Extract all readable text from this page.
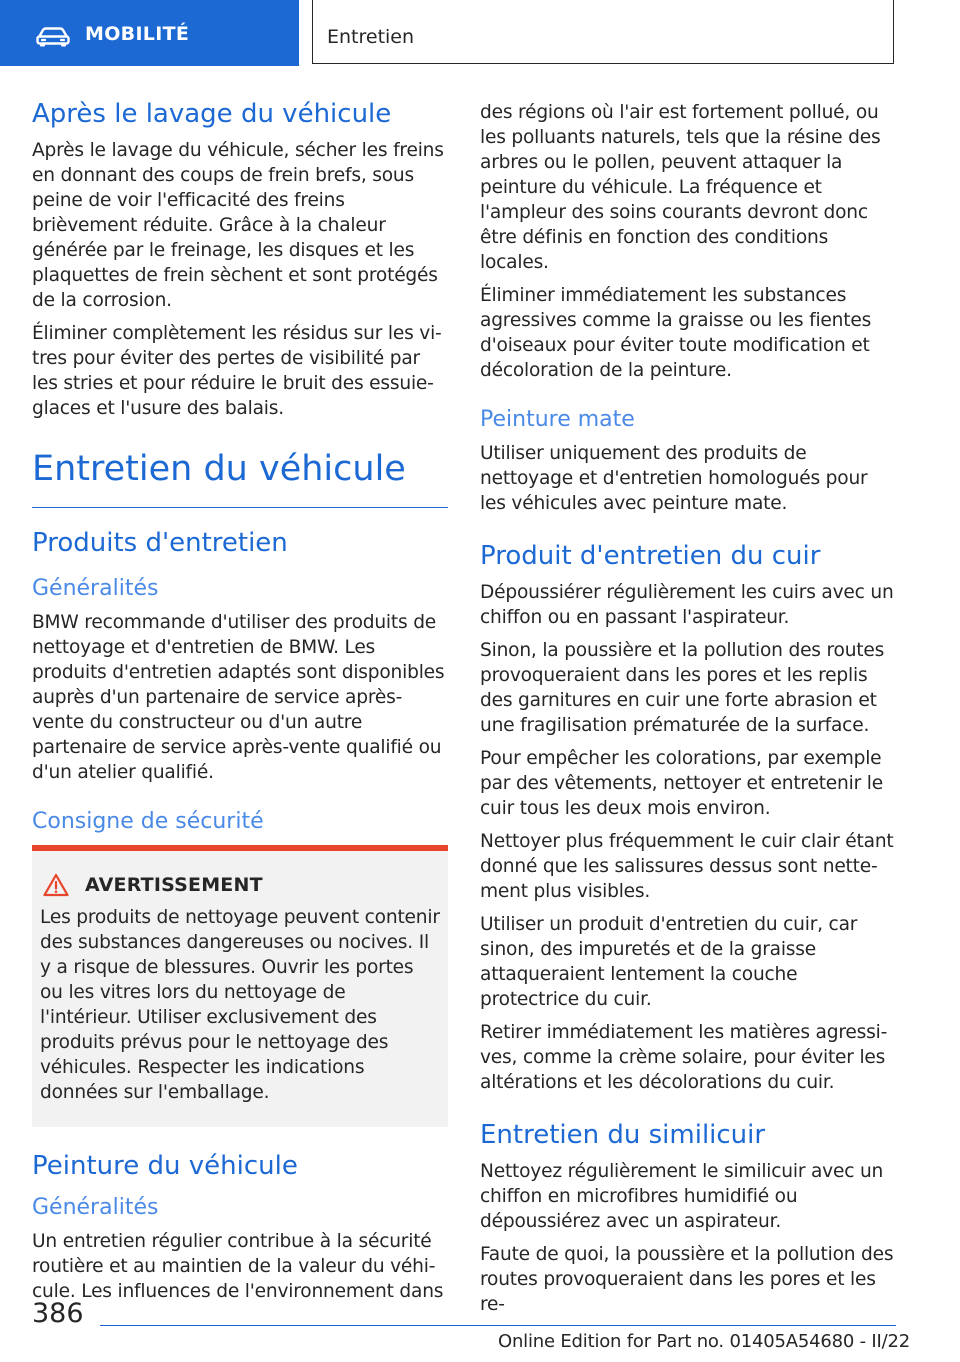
MOBILITÉ	Entretien
Après le lavage du véhicule

Après le lavage du véhicule, sécher les freins en donnant des coups de frein brefs, sous peine de voir l'efficacité des freins brièvement réduite. Grâce à la chaleur générée par le freinage, les disques et les plaquettes de frein sèchent et sont protégés de la corrosion.

Éliminer complètement les résidus sur les vitres pour éviter des pertes de visibilité par les stries et pour réduire le bruit des essuie-glaces et l'usure des balais.

Entretien du véhicule
Produits d'entretien
Généralités

BMW recommande d'utiliser des produits de nettoyage et d'entretien de BMW. Les produits d'entretien adaptés sont disponibles auprès d'un partenaire de service après-vente du constructeur ou d'un autre partenaire de service après-vente qualifié ou d'un atelier qualifié.

Consigne de sécurité
AVERTISSEMENT

Les produits de nettoyage peuvent contenir des substances dangereuses ou nocives. Il y a risque de blessures. Ouvrir les portes ou les vitres lors du nettoyage de l'intérieur. Utiliser exclusivement des produits prévus pour le nettoyage des véhicules. Respecter les indications données sur l'emballage.

Peinture du véhicule
Généralités

Un entretien régulier contribue à la sécurité routière et au maintien de la valeur du véhicule. Les influences de l'environnement dans

des régions où l'air est fortement pollué, ou les polluants naturels, tels que la résine des arbres ou le pollen, peuvent attaquer la peinture du véhicule. La fréquence et l'ampleur des soins courants devront donc être définis en fonction des conditions locales.

Éliminer immédiatement les substances agressives comme la graisse ou les fientes d'oiseaux pour éviter toute modification et décoloration de la peinture.

Peinture mate

Utiliser uniquement des produits de nettoyage et d'entretien homologués pour les véhicules avec peinture mate.

Produit d'entretien du cuir

Dépoussiérer régulièrement les cuirs avec un chiffon ou en passant l'aspirateur.

Sinon, la poussière et la pollution des routes provoqueraient dans les pores et les replis des garnitures en cuir une forte abrasion et une fragilisation prématurée de la surface.

Pour empêcher les colorations, par exemple par des vêtements, nettoyer et entretenir le cuir tous les deux mois environ.

Nettoyer plus fréquemment le cuir clair étant donné que les salissures dessus sont nettement plus visibles.

Utiliser un produit d'entretien du cuir, car sinon, des impuretés et de la graisse attaqueraient lentement la couche protectrice du cuir.

Retirer immédiatement les matières agressives, comme la crème solaire, pour éviter les altérations et les décolorations du cuir.

Entretien du similicuir

Nettoyez régulièrement le similicuir avec un chiffon en microfibres humidifié ou dépoussiérez avec un aspirateur.

Faute de quoi, la poussière et la pollution des routes provoqueraient dans les pores et les re-

386
Online Edition for Part no. 01405A54680 - II/22
